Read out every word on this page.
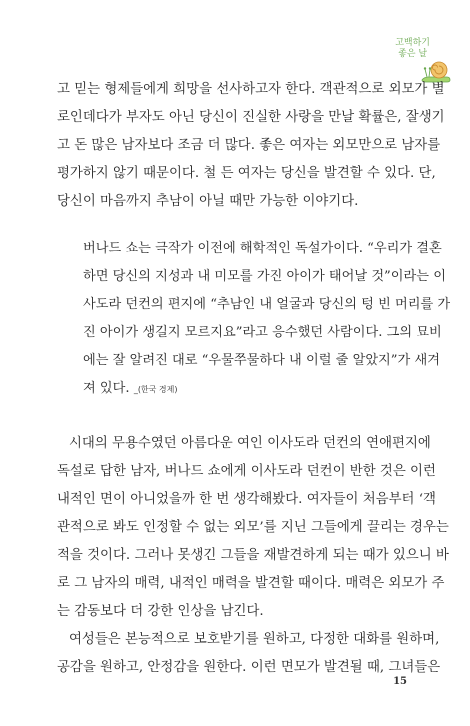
고백하기
좋은 날
고 믿는 형제들에게 희망을 선사하고자 한다. 객관적으로 외모가 별
로인데다가 부자도 아닌 당신이 진실한 사랑을 만날 확률은, 잘생기
고 돈 많은 남자보다 조금 더 많다. 좋은 여자는 외모만으로 남자를
평가하지 않기 때문이다. 철 든 여자는 당신을 발견할 수 있다. 단,
당신이 마음까지 추남이 아닐 때만 가능한 이야기다.
버나드 쇼는 극작가 이전에 해학적인 독설가이다. “우리가 결혼
하면 당신의 지성과 내 미모를 가진 아이가 태어날 것”이라는 이
사도라 던컨의 편지에 “추남인 내 얼굴과 당신의 텅 빈 머리를 가
진 아이가 생길지 모르지요”라고 응수했던 사람이다. 그의 묘비
에는 잘 알려진 대로 “우물쭈물하다 내 이럴 줄 알았지”가 새겨
져 있다. _(한국 경제)
시대의 무용수였던 아름다운 여인 이사도라 던컨의 연애편지에
독설로 답한 남자, 버나드 쇼에게 이사도라 던컨이 반한 것은 이런
내적인 면이 아니었을까 한 번 생각해봤다. 여자들이 처음부터 ‘객
관적으로 봐도 인정할 수 없는 외모’를 지닌 그들에게 끌리는 경우는
적을 것이다. 그러나 못생긴 그들을 재발견하게 되는 때가 있으니 바
로 그 남자의 매력, 내적인 매력을 발견할 때이다. 매력은 외모가 주
는 감동보다 더 강한 인상을 남긴다.
여성들은 본능적으로 보호받기를 원하고, 다정한 대화를 원하며,
공감을 원하고, 안정감을 원한다. 이런 면모가 발견될 때, 그녀들은
15
